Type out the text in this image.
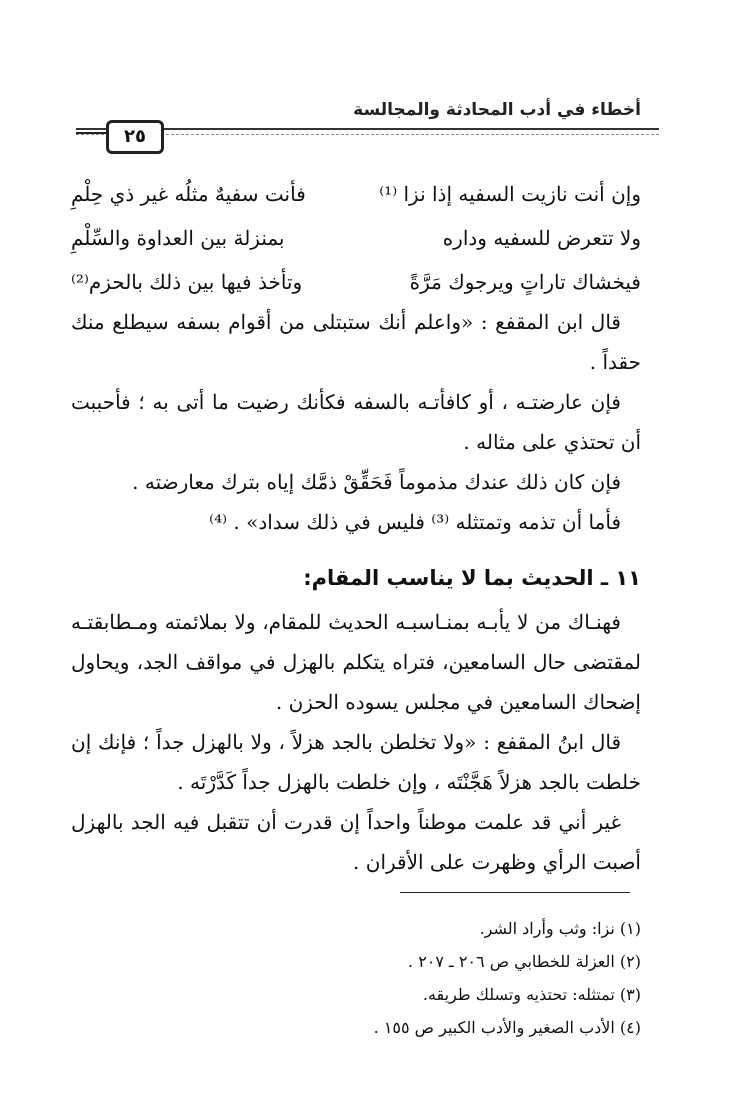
أخطاء في أدب المحادثة والمجالسة
٢٥
وإن أنت نازيت السفيه إذا نزا ⁽¹⁾
فأنت سفيهٌ مثلُه غير ذي حِلْمِ
ولا تتعرض للسفيه وداره
بمنزلة بين العداوة والسِّلْمِ
فيخشاك تاراتٍ ويرجوك مَرَّةً
وتأخذ فيها بين ذلك بالحزم⁽²⁾

قال ابن المقفع : «واعلم أنك ستبتلى من أقوام بسفه سيطلع منك حقداً .

فإن عارضتـه ، أو كافأتـه بالسفه فكأنك رضيت ما أتى به ؛ فأحببت أن تحتذي على مثاله .

فإن كان ذلك عندك مذموماً فَحَقِّقْ ذمَّك إياه بترك معارضته .

فأما أن تذمه وتمتثله ⁽³⁾ فليس في ذلك سداد» . ⁽⁴⁾

١١ ـ الحديث بما لا يناسب المقام:

فهنـاك من لا يأبـه بمنـاسبـه الحديث للمقام، ولا بملائمته ومـطابقتـه لمقتضى حال السامعين، فتراه يتكلم بالهزل في مواقف الجد، ويحاول إضحاك السامعين في مجلس يسوده الحزن .

قال ابنُ المقفع : «ولا تخلطن بالجد هزلاً ، ولا بالهزل جداً ؛ فإنك إن خلطت بالجد هزلاً هَجَّنْتَه ، وإن خلطت بالهزل جداً كَدَّرْتَه .

غير أني قد علمت موطناً واحداً إن قدرت أن تتقبل فيه الجد بالهزل أصبت الرأي وظهرت على الأقران .

(١) نزا: وثب وأراد الشر.
(٢) العزلة للخطابي ص ٢٠٦ ـ ٢٠٧ .
(٣) تمتثله: تحتذيه وتسلك طريقه.
(٤) الأدب الصغير والأدب الكبير ص ١٥٥ .
